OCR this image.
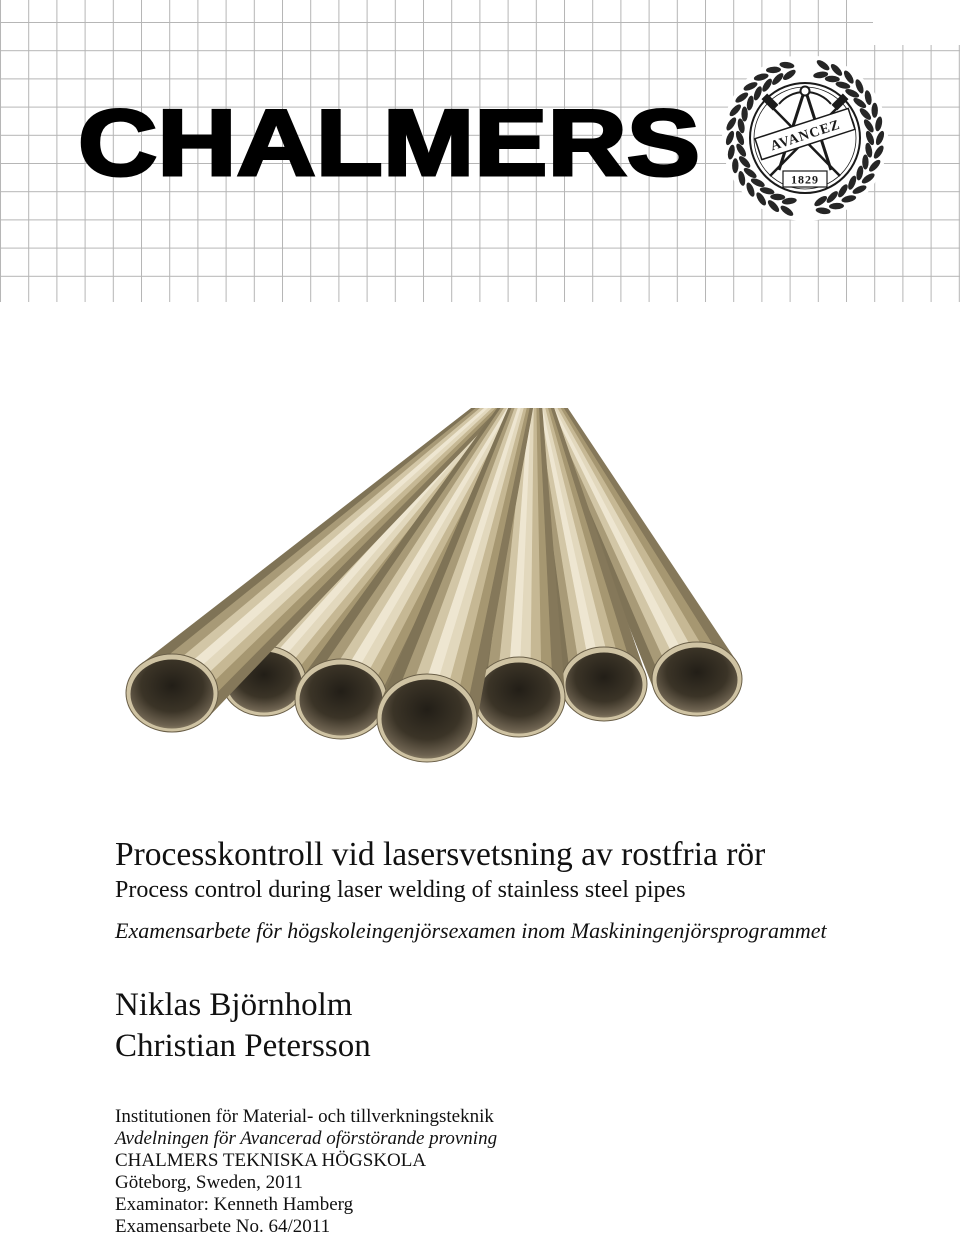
CHALMERS	AVANCEZ
1829
Processkontroll vid lasersvetsning av rostfria rör
Process control during laser welding of stainless steel pipes
Examensarbete för högskoleingenjörsexamen inom Maskiningenjörsprogrammet
Niklas Björnholm
Christian Petersson
Institutionen för Material- och tillverkningsteknik
Avdelningen för Avancerad oförstörande provning
CHALMERS TEKNISKA HÖGSKOLA
Göteborg, Sweden, 2011
Examinator: Kenneth Hamberg
Examensarbete No. 64/2011
